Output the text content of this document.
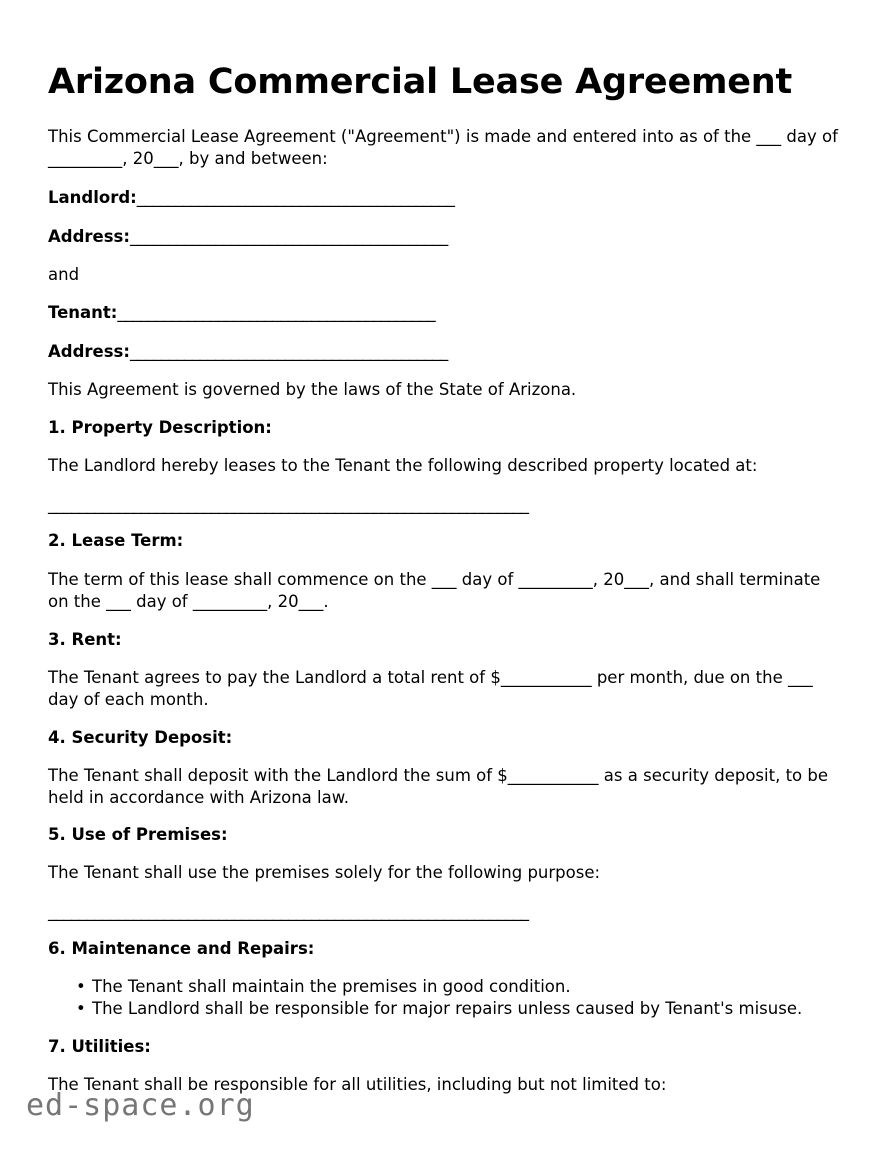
Arizona Commercial Lease Agreement

This Commercial Lease Agreement ("Agreement") is made and entered into as of the ___ day of _________, 20___, by and between:

Landlord:_________________________________________
Address:_________________________________________

and

Tenant:_________________________________________
Address:_________________________________________

This Agreement is governed by the laws of the State of Arizona.

1. Property Description:

The Landlord hereby leases to the Tenant the following described property located at:

______________________________________________________________
2. Lease Term:

The term of this lease shall commence on the ___ day of _________, 20___, and shall terminate on the ___ day of _________, 20___.

3. Rent:

The Tenant agrees to pay the Landlord a total rent of $___________ per month, due on the ___ day of each month.

4. Security Deposit:

The Tenant shall deposit with the Landlord the sum of $___________ as a security deposit, to be held in accordance with Arizona law.

5. Use of Premises:

The Tenant shall use the premises solely for the following purpose:

______________________________________________________________
6. Maintenance and Repairs:
• The Tenant shall maintain the premises in good condition.
• The Landlord shall be responsible for major repairs unless caused by Tenant's misuse.
7. Utilities:

The Tenant shall be responsible for all utilities, including but not limited to:

ed-space.org
